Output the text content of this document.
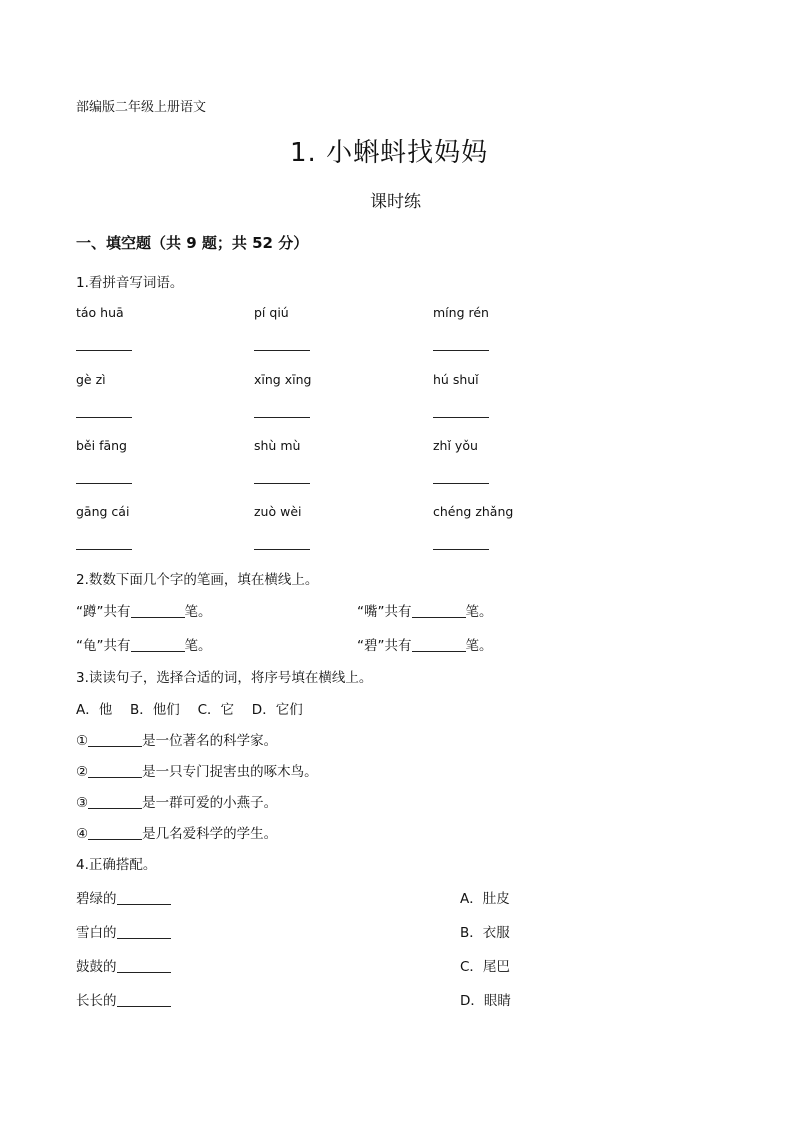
部编版二年级上册语文
1. 小蝌蚪找妈妈
课时练
一、填空题（共 9 题；共 52 分）
1.看拼音写词语。
táo huā	pí qiú	míng rén
gè zì	xīng xīng	hú shuǐ
běi fāng	shù mù	zhǐ yǒu
gāng cái	zuò wèi	chéng zhǎng
2.数数下面几个字的笔画，填在横线上。
“蹲”共有	笔。	“嘴”共有	笔。
“龟”共有	笔。	“碧”共有	笔。
3.读读句子，选择合适的词，将序号填在横线上。
A．他　 B．他们　 C．它　 D．它们
①	是一位著名的科学家。
②	是一只专门捉害虫的啄木鸟。
③	是一群可爱的小燕子。
④	是几名爱科学的学生。
4.正确搭配。
碧绿的	A．肚皮
雪白的	B．衣服
鼓鼓的	C．尾巴
长长的	D．眼睛
